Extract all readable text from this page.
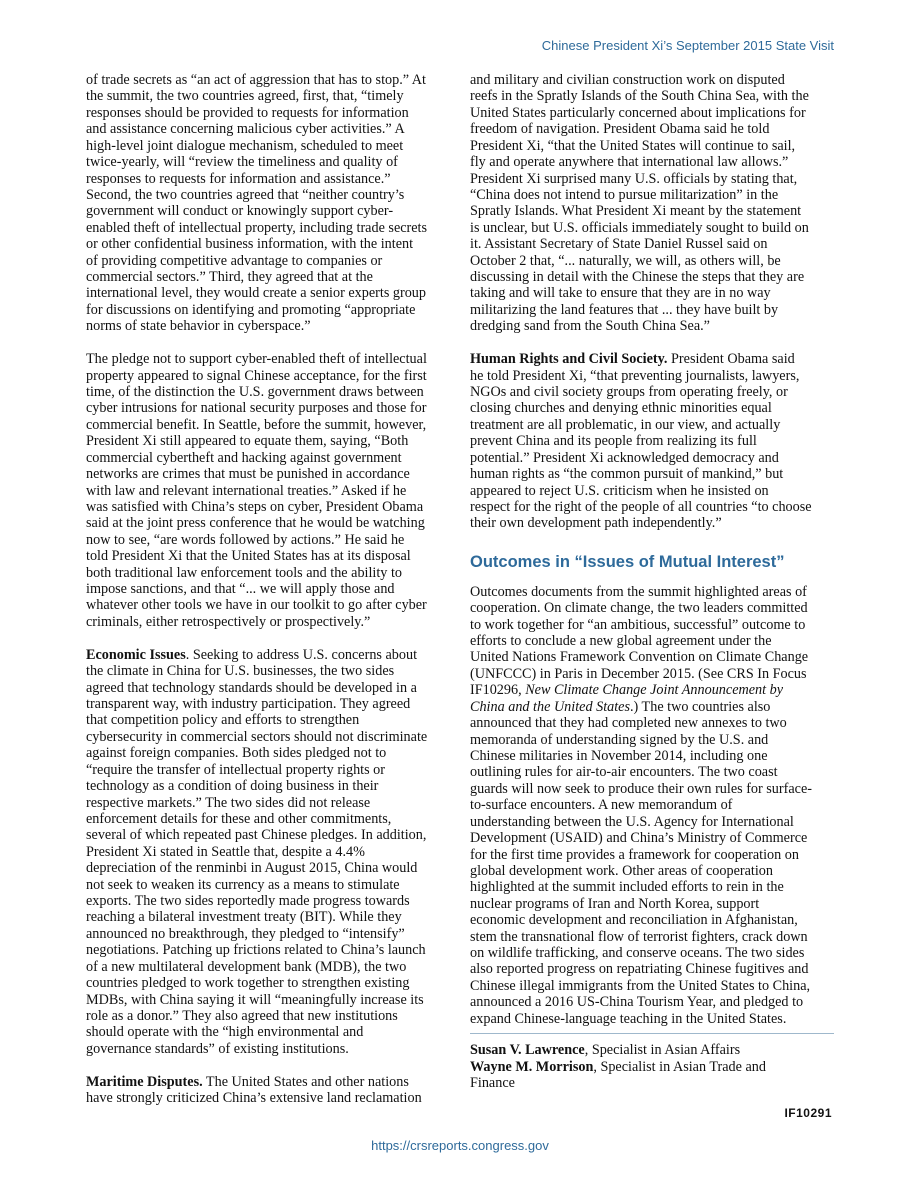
Chinese President Xi’s September 2015 State Visit

of trade secrets as “an act of aggression that has to stop.” At
the summit, the two countries agreed, first, that, “timely
responses should be provided to requests for information
and assistance concerning malicious cyber activities.” A
high-level joint dialogue mechanism, scheduled to meet
twice-yearly, will “review the timeliness and quality of
responses to requests for information and assistance.”
Second, the two countries agreed that “neither country’s
government will conduct or knowingly support cyber-
enabled theft of intellectual property, including trade secrets
or other confidential business information, with the intent
of providing competitive advantage to companies or
commercial sectors.” Third, they agreed that at the
international level, they would create a senior experts group
for discussions on identifying and promoting “appropriate
norms of state behavior in cyberspace.”

The pledge not to support cyber-enabled theft of intellectual
property appeared to signal Chinese acceptance, for the first
time, of the distinction the U.S. government draws between
cyber intrusions for national security purposes and those for
commercial benefit. In Seattle, before the summit, however,
President Xi still appeared to equate them, saying, “Both
commercial cybertheft and hacking against government
networks are crimes that must be punished in accordance
with law and relevant international treaties.” Asked if he
was satisfied with China’s steps on cyber, President Obama
said at the joint press conference that he would be watching
now to see, “are words followed by actions.” He said he
told President Xi that the United States has at its disposal
both traditional law enforcement tools and the ability to
impose sanctions, and that “... we will apply those and
whatever other tools we have in our toolkit to go after cyber
criminals, either retrospectively or prospectively.”

Economic Issues. Seeking to address U.S. concerns about
the climate in China for U.S. businesses, the two sides
agreed that technology standards should be developed in a
transparent way, with industry participation. They agreed
that competition policy and efforts to strengthen
cybersecurity in commercial sectors should not discriminate
against foreign companies. Both sides pledged not to
“require the transfer of intellectual property rights or
technology as a condition of doing business in their
respective markets.” The two sides did not release
enforcement details for these and other commitments,
several of which repeated past Chinese pledges. In addition,
President Xi stated in Seattle that, despite a 4.4%
depreciation of the renminbi in August 2015, China would
not seek to weaken its currency as a means to stimulate
exports. The two sides reportedly made progress towards
reaching a bilateral investment treaty (BIT). While they
announced no breakthrough, they pledged to “intensify”
negotiations. Patching up frictions related to China’s launch
of a new multilateral development bank (MDB), the two
countries pledged to work together to strengthen existing
MDBs, with China saying it will “meaningfully increase its
role as a donor.” They also agreed that new institutions
should operate with the “high environmental and
governance standards” of existing institutions.

Maritime Disputes. The United States and other nations
have strongly criticized China’s extensive land reclamation

and military and civilian construction work on disputed
reefs in the Spratly Islands of the South China Sea, with the
United States particularly concerned about implications for
freedom of navigation. President Obama said he told
President Xi, “that the United States will continue to sail,
fly and operate anywhere that international law allows.”
President Xi surprised many U.S. officials by stating that,
“China does not intend to pursue militarization” in the
Spratly Islands. What President Xi meant by the statement
is unclear, but U.S. officials immediately sought to build on
it. Assistant Secretary of State Daniel Russel said on
October 2 that, “... naturally, we will, as others will, be
discussing in detail with the Chinese the steps that they are
taking and will take to ensure that they are in no way
militarizing the land features that ... they have built by
dredging sand from the South China Sea.”

Human Rights and Civil Society. President Obama said
he told President Xi, “that preventing journalists, lawyers,
NGOs and civil society groups from operating freely, or
closing churches and denying ethnic minorities equal
treatment are all problematic, in our view, and actually
prevent China and its people from realizing its full
potential.” President Xi acknowledged democracy and
human rights as “the common pursuit of mankind,” but
appeared to reject U.S. criticism when he insisted on
respect for the right of the people of all countries “to choose
their own development path independently.”

Outcomes in “Issues of Mutual Interest”

Outcomes documents from the summit highlighted areas of
cooperation. On climate change, the two leaders committed
to work together for “an ambitious, successful” outcome to
efforts to conclude a new global agreement under the
United Nations Framework Convention on Climate Change
(UNFCCC) in Paris in December 2015. (See CRS In Focus
IF10296, New Climate Change Joint Announcement by
China and the United States.) The two countries also
announced that they had completed new annexes to two
memoranda of understanding signed by the U.S. and
Chinese militaries in November 2014, including one
outlining rules for air-to-air encounters. The two coast
guards will now seek to produce their own rules for surface-
to-surface encounters. A new memorandum of
understanding between the U.S. Agency for International
Development (USAID) and China’s Ministry of Commerce
for the first time provides a framework for cooperation on
global development work. Other areas of cooperation
highlighted at the summit included efforts to rein in the
nuclear programs of Iran and North Korea, support
economic development and reconciliation in Afghanistan,
stem the transnational flow of terrorist fighters, crack down
on wildlife trafficking, and conserve oceans. The two sides
also reported progress on repatriating Chinese fugitives and
Chinese illegal immigrants from the United States to China,
announced a 2016 US-China Tourism Year, and pledged to
expand Chinese-language teaching in the United States.

Susan V. Lawrence, Specialist in Asian Affairs
Wayne M. Morrison, Specialist in Asian Trade and
Finance
IF10291
https://crsreports.congress.gov
